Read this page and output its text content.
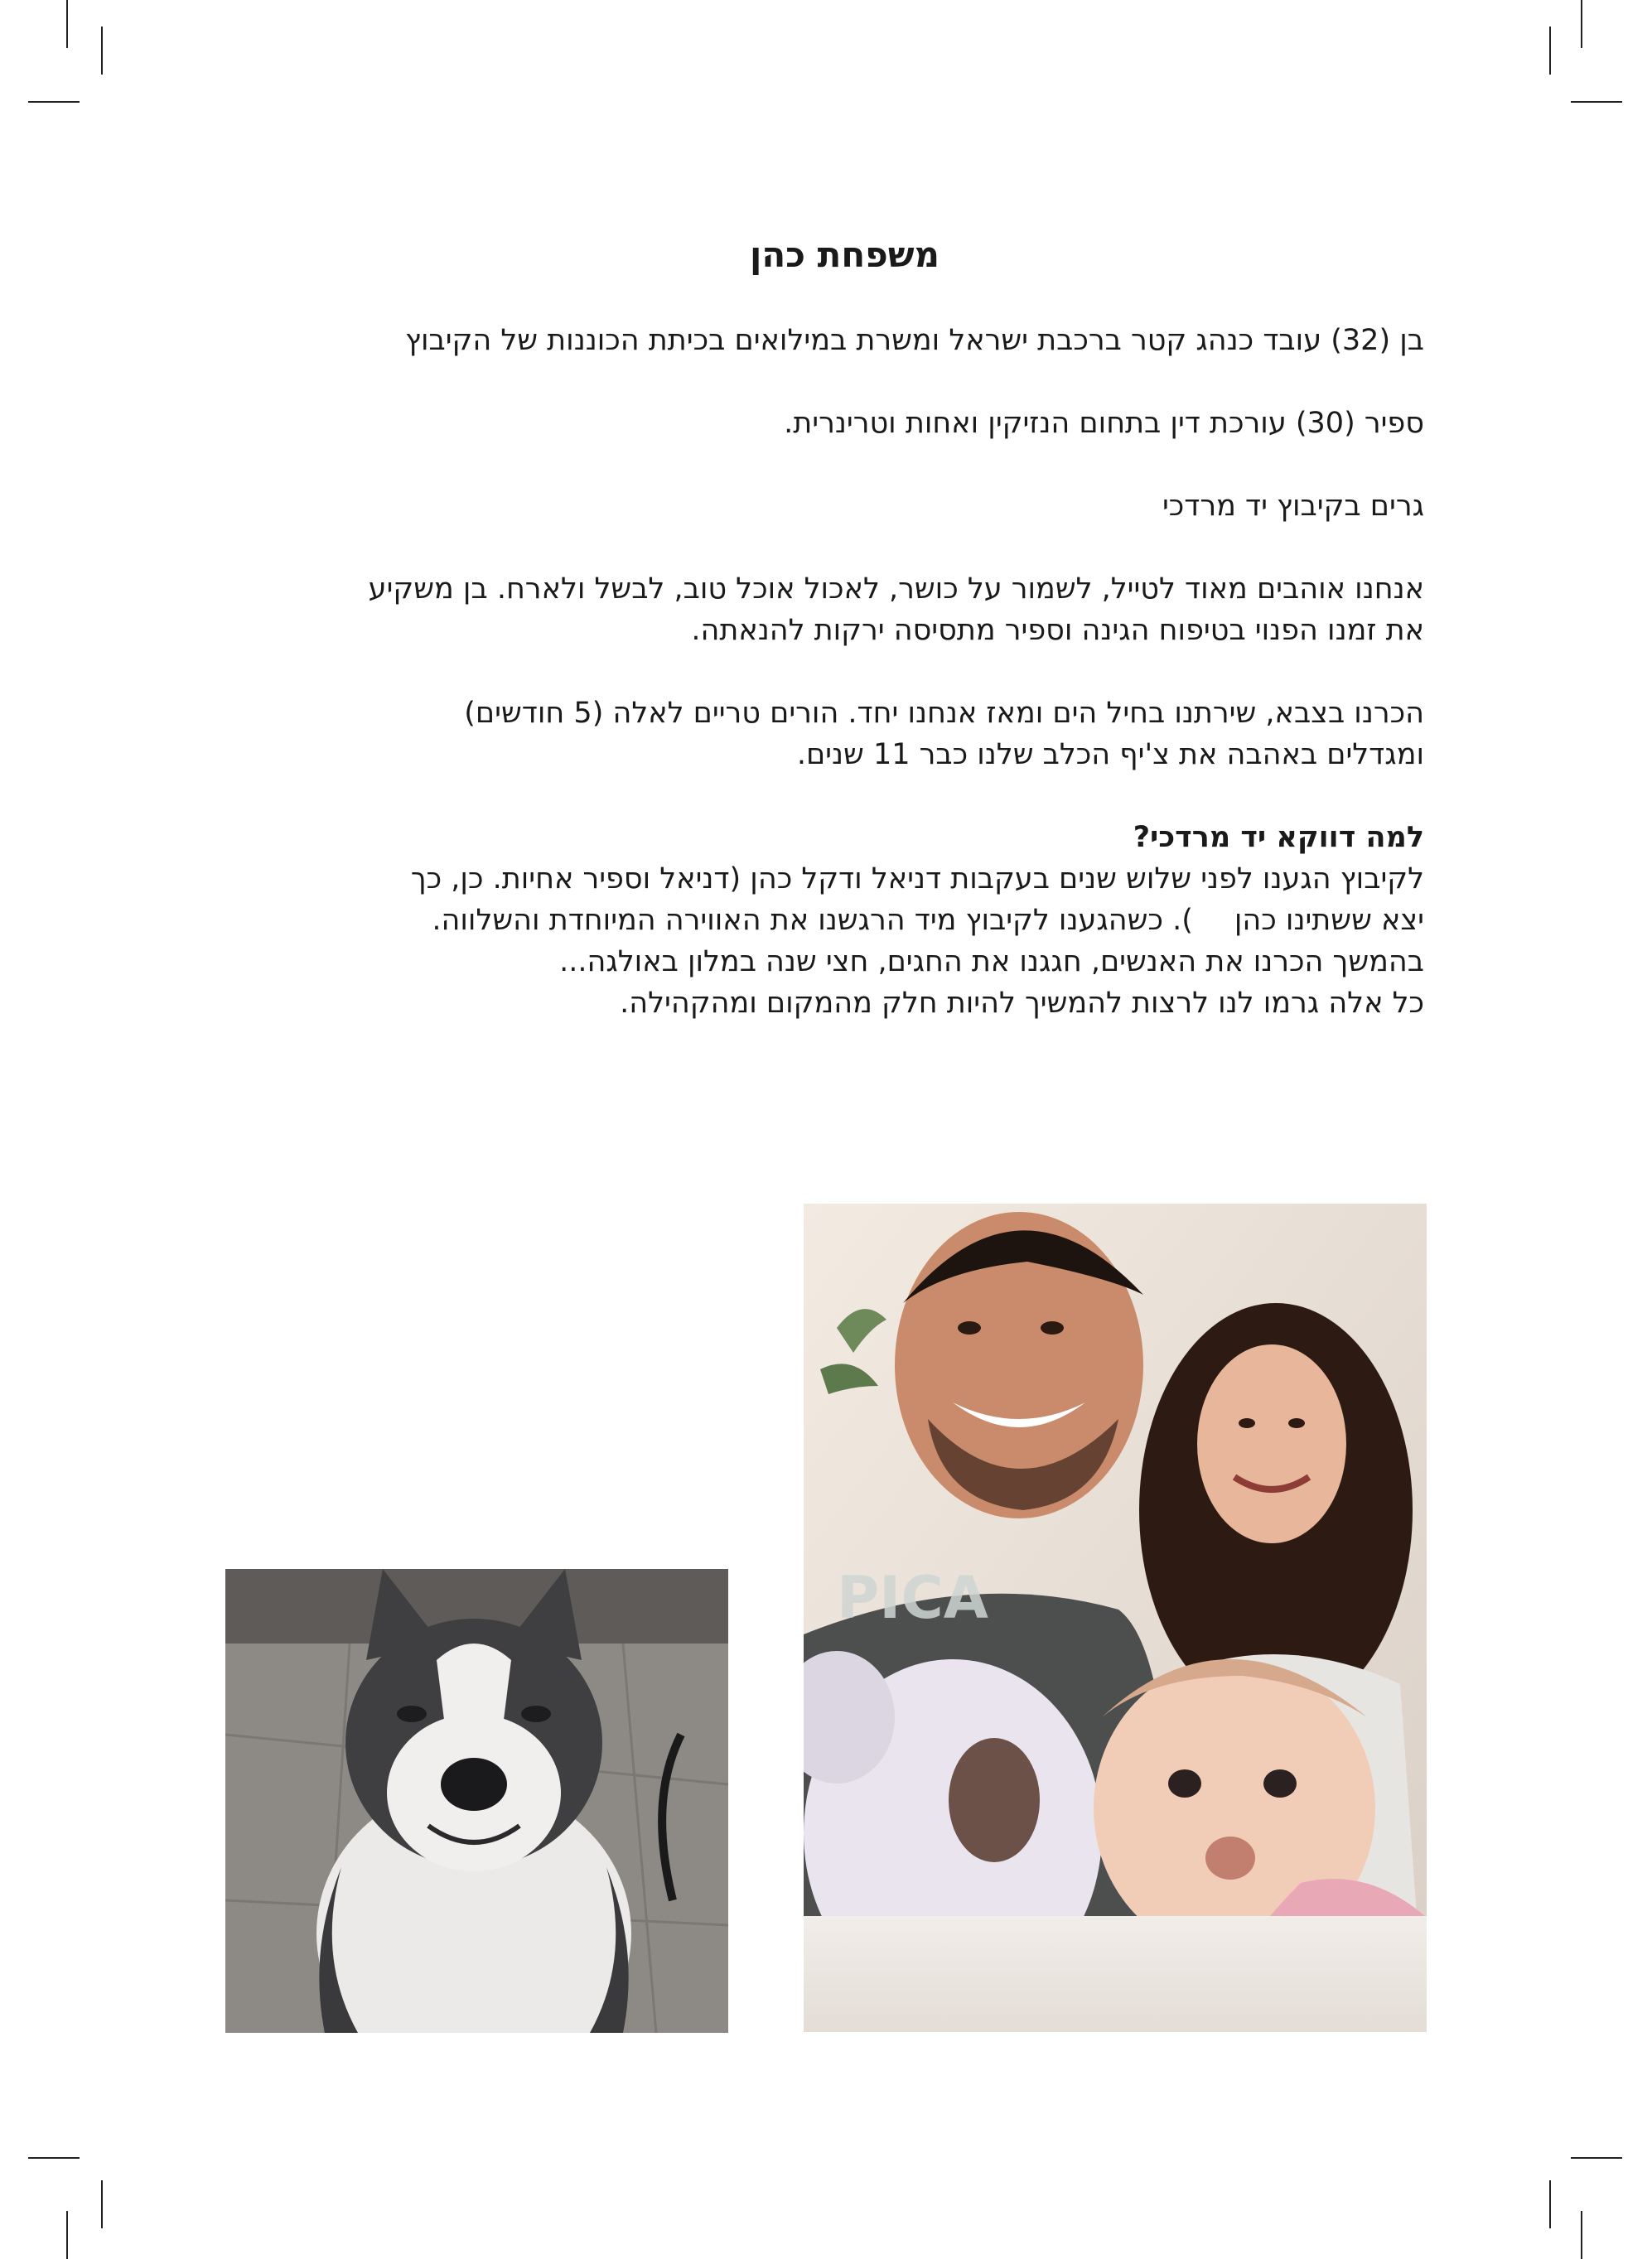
משפחת כהן

בן (32) עובד כנהג קטר ברכבת ישראל ומשרת במילואים בכיתת הכוננות של הקיבוץ

ספיר (30) עורכת דין בתחום הנזיקין ואחות וטרינרית.

גרים בקיבוץ יד מרדכי

אנחנו אוהבים מאוד לטייל, לשמור על כושר, לאכול אוכל טוב, לבשל ולארח. בן משקיע
את זמנו הפנוי בטיפוח הגינה וספיר מתסיסה ירקות להנאתה.

הכרנו בצבא, שירתנו בחיל הים ומאז אנחנו יחד. הורים טריים לאלה (5 חודשים)
ומגדלים באהבה את צ'יף הכלב שלנו כבר 11 שנים.

למה דווקא יד מרדכי?

לקיבוץ הגענו לפני שלוש שנים בעקבות דניאל ודקל כהן (דניאל וספיר אחיות. כן, כך
יצא ששתינו כהן). כשהגענו לקיבוץ מיד הרגשנו את האווירה המיוחדת והשלווה.
בהמשך הכרנו את האנשים, חגגנו את החגים, חצי שנה במלון באולגה...
כל אלה גרמו לנו לרצות להמשיך להיות חלק מהמקום ומהקהילה.

PICA
